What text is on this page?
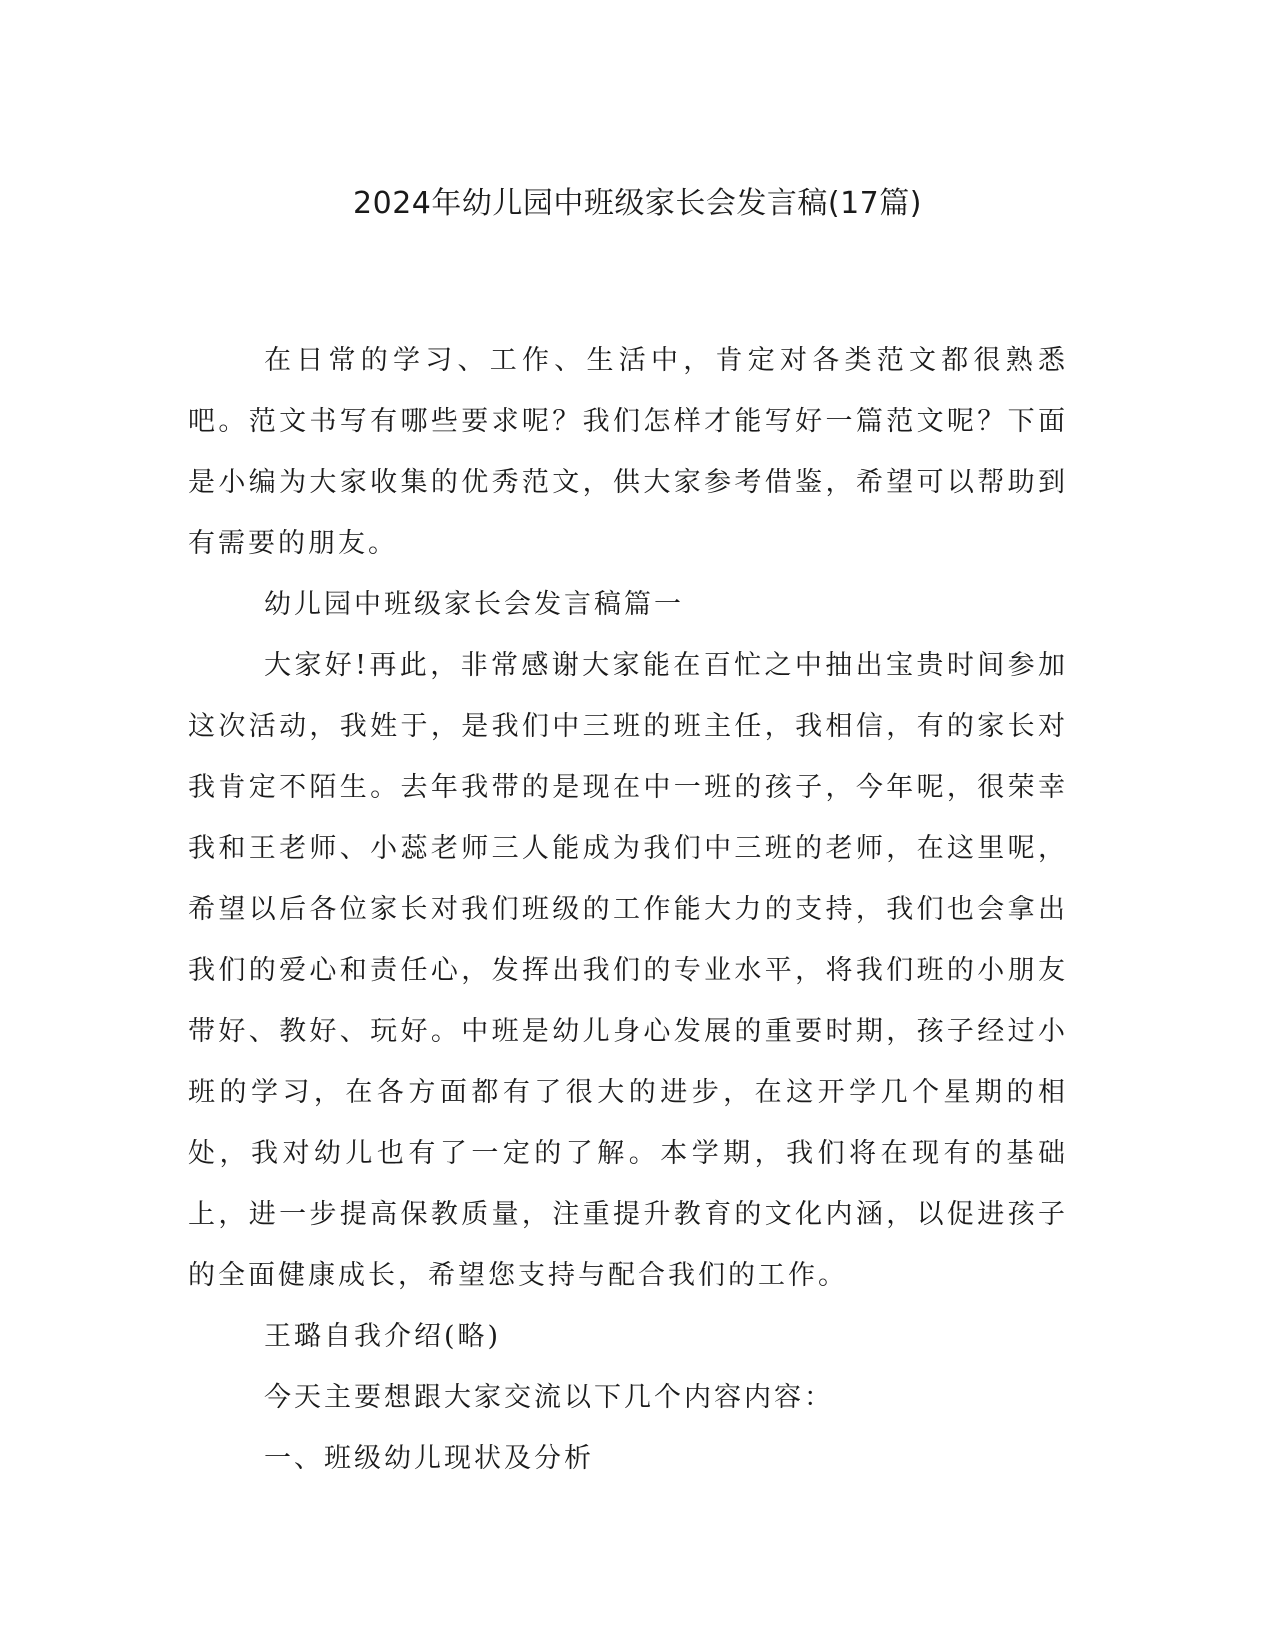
2024年幼儿园中班级家长会发言稿(17篇)

在日常的学习、工作、生活中，肯定对各类范文都很熟悉吧。范文书写有哪些要求呢？我们怎样才能写好一篇范文呢？下面是小编为大家收集的优秀范文，供大家参考借鉴，希望可以帮助到有需要的朋友。

幼儿园中班级家长会发言稿篇一

大家好!再此，非常感谢大家能在百忙之中抽出宝贵时间参加这次活动，我姓于，是我们中三班的班主任，我相信，有的家长对我肯定不陌生。去年我带的是现在中一班的孩子，今年呢，很荣幸我和王老师、小蕊老师三人能成为我们中三班的老师，在这里呢，希望以后各位家长对我们班级的工作能大力的支持，我们也会拿出我们的爱心和责任心，发挥出我们的专业水平，将我们班的小朋友带好、教好、玩好。中班是幼儿身心发展的重要时期，孩子经过小班的学习，在各方面都有了很大的进步，在这开学几个星期的相处，我对幼儿也有了一定的了解。本学期，我们将在现有的基础上，进一步提高保教质量，注重提升教育的文化内涵，以促进孩子的全面健康成长，希望您支持与配合我们的工作。

王璐自我介绍(略)

今天主要想跟大家交流以下几个内容内容：

一、班级幼儿现状及分析
